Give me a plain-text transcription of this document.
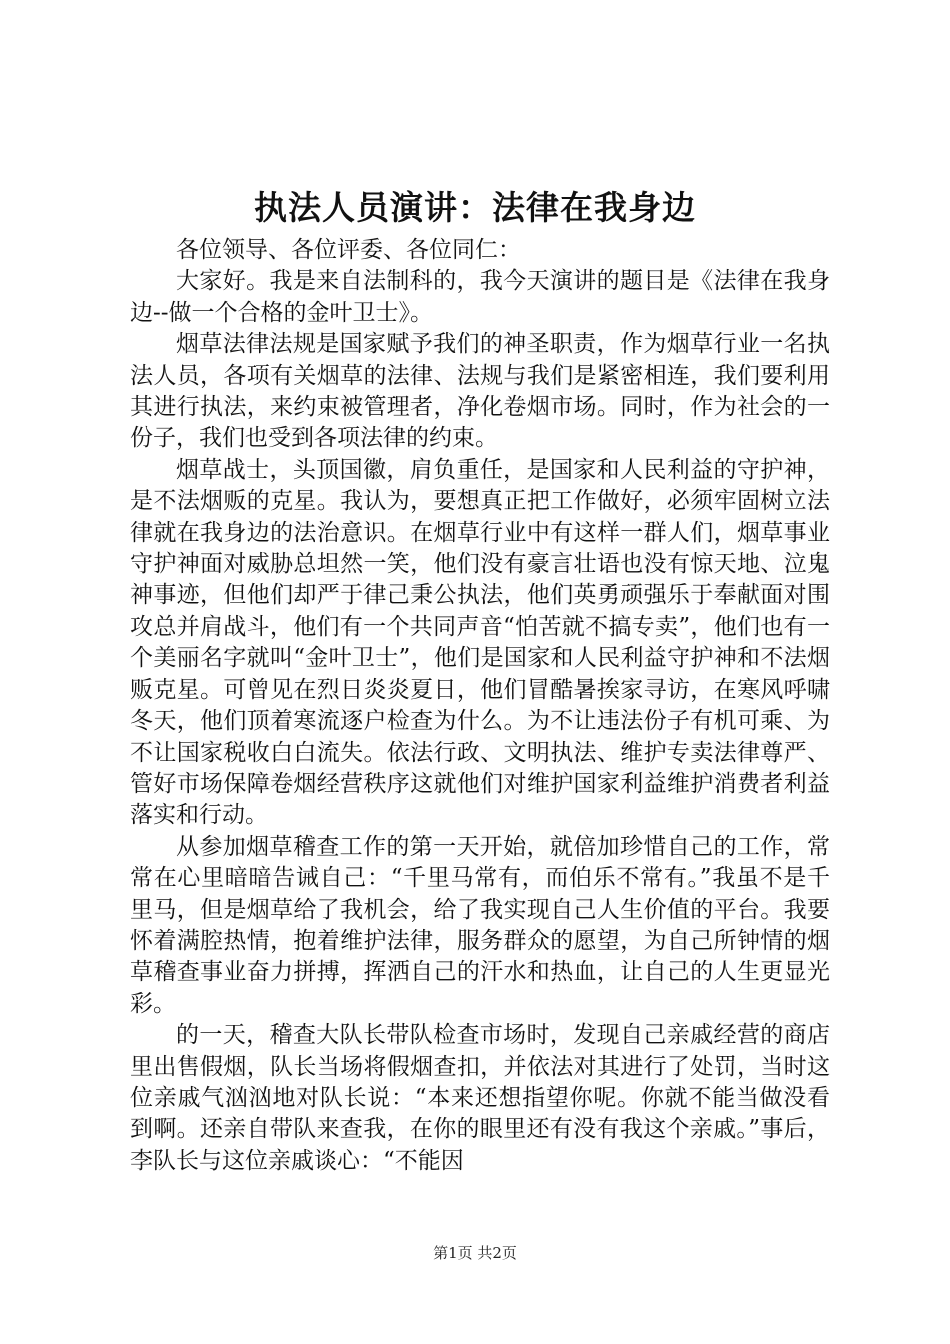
执法人员演讲：法律在我身边

各位领导、各位评委、各位同仁：

大家好。我是来自法制科的，我今天演讲的题目是《法律在我身边--做一个合格的金叶卫士》。

烟草法律法规是国家赋予我们的神圣职责，作为烟草行业一名执法人员，各项有关烟草的法律、法规与我们是紧密相连，我们要利用其进行执法，来约束被管理者，净化卷烟市场。同时，作为社会的一份子，我们也受到各项法律的约束。

烟草战士，头顶国徽，肩负重任，是国家和人民利益的守护神，是不法烟贩的克星。我认为，要想真正把工作做好，必须牢固树立法律就在我身边的法治意识。在烟草行业中有这样一群人们，烟草事业守护神面对威胁总坦然一笑，他们没有豪言壮语也没有惊天地、泣鬼神事迹，但他们却严于律己秉公执法，他们英勇顽强乐于奉献面对围攻总并肩战斗，他们有一个共同声音“怕苦就不搞专卖”，他们也有一个美丽名字就叫“金叶卫士”，他们是国家和人民利益守护神和不法烟贩克星。可曾见在烈日炎炎夏日，他们冒酷暑挨家寻访，在寒风呼啸冬天，他们顶着寒流逐户检查为什么。为不让违法份子有机可乘、为不让国家税收白白流失。依法行政、文明执法、维护专卖法律尊严、管好市场保障卷烟经营秩序这就他们对维护国家利益维护消费者利益落实和行动。

从参加烟草稽查工作的第一天开始，就倍加珍惜自己的工作，常常在心里暗暗告诫自己：“千里马常有，而伯乐不常有。”我虽不是千里马，但是烟草给了我机会，给了我实现自己人生价值的平台。我要怀着满腔热情，抱着维护法律，服务群众的愿望，为自己所钟情的烟草稽查事业奋力拼搏，挥洒自己的汗水和热血，让自己的人生更显光彩。

的一天，稽查大队长带队检查市场时，发现自己亲戚经营的商店里出售假烟，队长当场将假烟查扣，并依法对其进行了处罚，当时这位亲戚气汹汹地对队长说：“本来还想指望你呢。你就不能当做没看到啊。还亲自带队来查我，在你的眼里还有没有我这个亲戚。”事后，李队长与这位亲戚谈心：“不能因

第1页 共2页
